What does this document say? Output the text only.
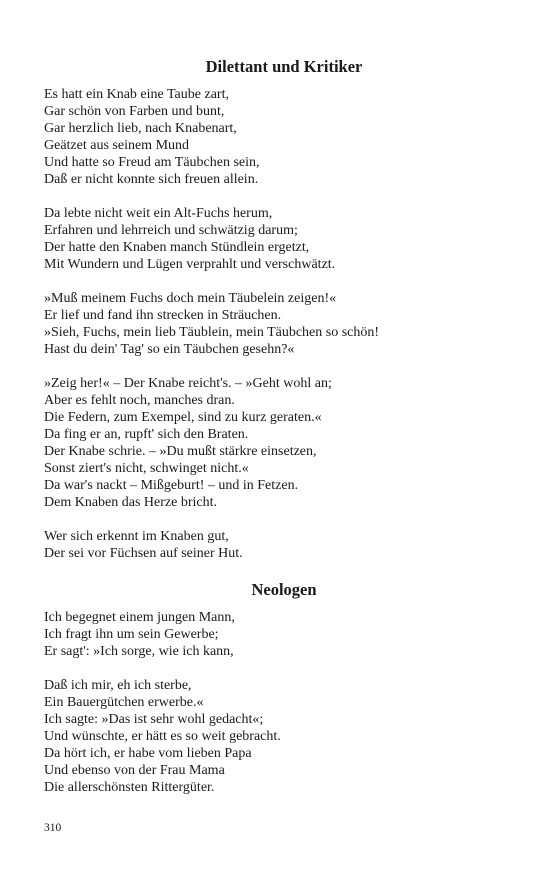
Dilettant und Kritiker
Es hatt ein Knab eine Taube zart,
Gar schön von Farben und bunt,
Gar herzlich lieb, nach Knabenart,
Geätzet aus seinem Mund
Und hatte so Freud am Täubchen sein,
Daß er nicht konnte sich freuen allein.
Da lebte nicht weit ein Alt-Fuchs herum,
Erfahren und lehrreich und schwätzig darum;
Der hatte den Knaben manch Stündlein ergetzt,
Mit Wundern und Lügen verprahlt und verschwätzt.
»Muß meinem Fuchs doch mein Täubelein zeigen!«
Er lief und fand ihn strecken in Sträuchen.
»Sieh, Fuchs, mein lieb Täublein, mein Täubchen so schön!
Hast du dein' Tag' so ein Täubchen gesehn?«
»Zeig her!« – Der Knabe reicht's. – »Geht wohl an;
Aber es fehlt noch, manches dran.
Die Federn, zum Exempel, sind zu kurz geraten.«
Da fing er an, rupft' sich den Braten.
Der Knabe schrie. – »Du mußt stärkre einsetzen,
Sonst ziert's nicht, schwinget nicht.«
Da war's nackt – Mißgeburt! – und in Fetzen.
Dem Knaben das Herze bricht.
Wer sich erkennt im Knaben gut,
Der sei vor Füchsen auf seiner Hut.
Neologen
Ich begegnet einem jungen Mann,
Ich fragt ihn um sein Gewerbe;
Er sagt': »Ich sorge, wie ich kann,
Daß ich mir, eh ich sterbe,
Ein Bauergütchen erwerbe.«
Ich sagte: »Das ist sehr wohl gedacht«;
Und wünschte, er hätt es so weit gebracht.
Da hört ich, er habe vom lieben Papa
Und ebenso von der Frau Mama
Die allerschönsten Rittergüter.
310
